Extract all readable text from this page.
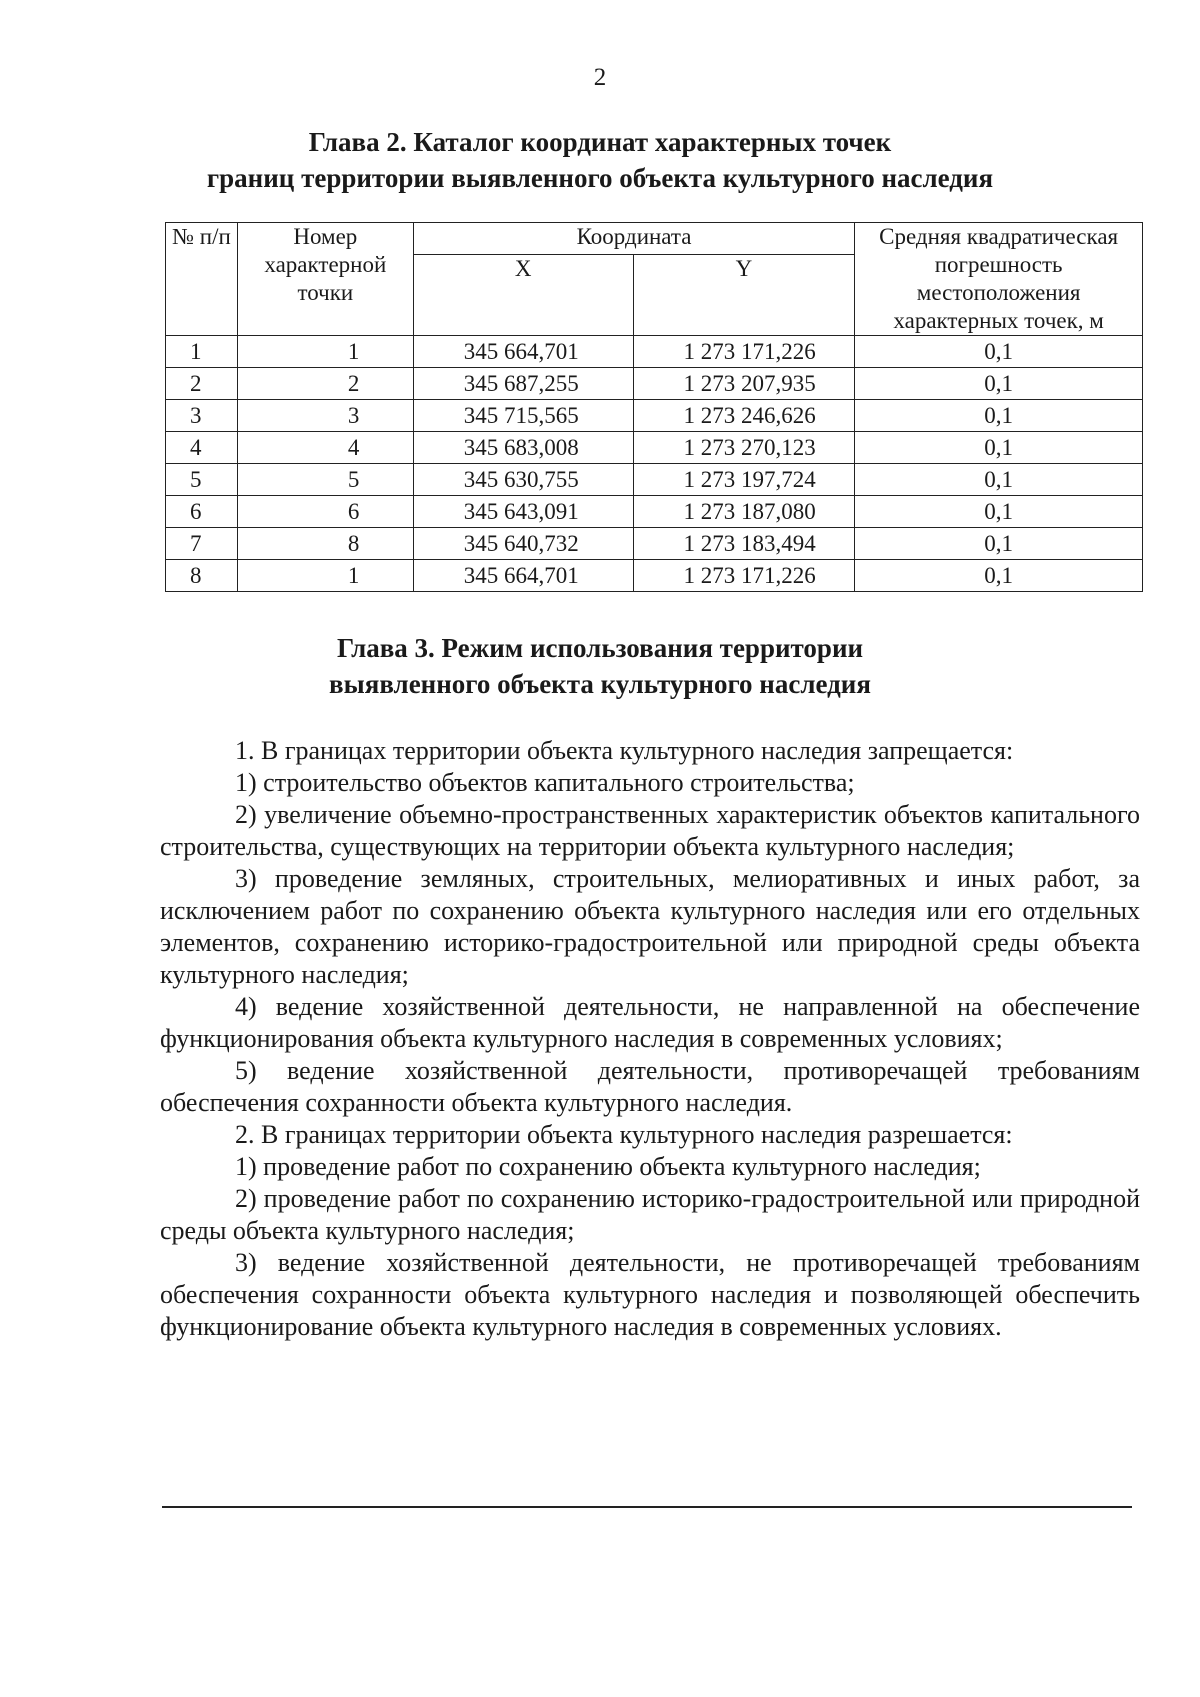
2
Глава 2. Каталог координат характерных точек
границ территории выявленного объекта культурного наследия
№ п/п	Номер характерной точки	Координата		Средняя квадратическая погрешность местоположения характерных точек, м
		X	Y	
1	1	345 664,701	1 273 171,226	0,1
2	2	345 687,255	1 273 207,935	0,1
3	3	345 715,565	1 273 246,626	0,1
4	4	345 683,008	1 273 270,123	0,1
5	5	345 630,755	1 273 197,724	0,1
6	6	345 643,091	1 273 187,080	0,1
7	8	345 640,732	1 273 183,494	0,1
8	1	345 664,701	1 273 171,226	0,1
Глава 3. Режим использования территории
выявленного объекта культурного наследия

1. В границах территории объекта культурного наследия запрещается:

1) строительство объектов капитального строительства;

2) увеличение объемно-пространственных характеристик объектов капитального строительства, существующих на территории объекта культурного наследия;

3) проведение земляных, строительных, мелиоративных и иных работ, за исключением работ по сохранению объекта культурного наследия или его отдельных элементов, сохранению историко-градостроительной или природной среды объекта культурного наследия;

4) ведение хозяйственной деятельности, не направленной на обеспечение функционирования объекта культурного наследия в современных условиях;

5) ведение хозяйственной деятельности, противоречащей требованиям обеспечения сохранности объекта культурного наследия.

2. В границах территории объекта культурного наследия разрешается:

1) проведение работ по сохранению объекта культурного наследия;

2) проведение работ по сохранению историко-градостроительной или природной среды объекта культурного наследия;

3) ведение хозяйственной деятельности, не противоречащей требованиям обеспечения сохранности объекта культурного наследия и позволяющей обеспечить функционирование объекта культурного наследия в современных условиях.
